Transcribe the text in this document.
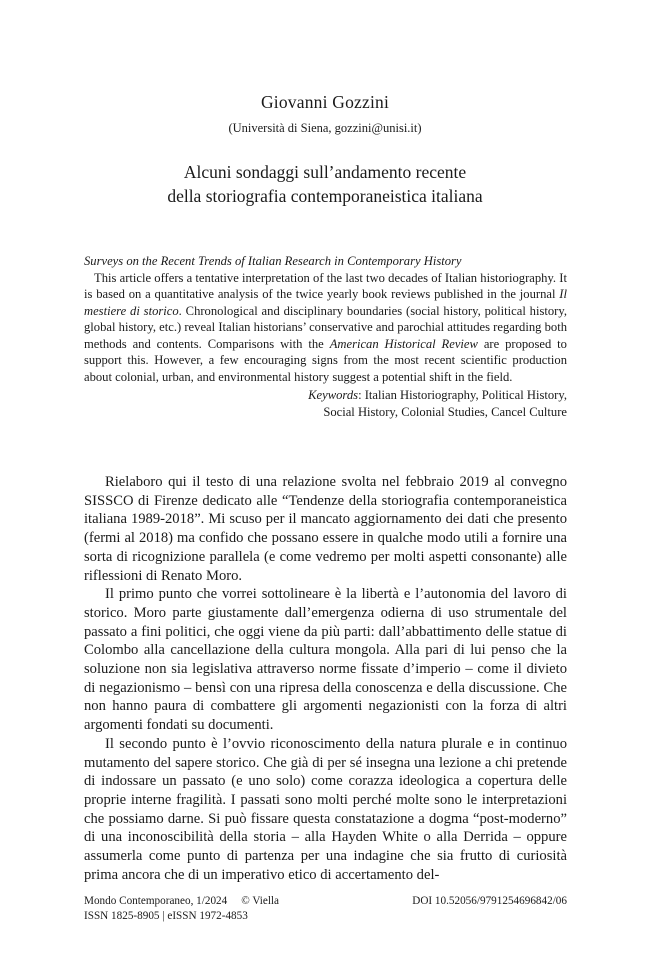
Giovanni Gozzini
(Università di Siena, gozzini@unisi.it)
Alcuni sondaggi sull’andamento recente
della storiografia contemporaneistica italiana
Surveys on the Recent Trends of Italian Research in Contemporary History
This article offers a tentative interpretation of the last two decades of Italian historiography. It is based on a quantitative analysis of the twice yearly book reviews published in the journal Il mestiere di storico. Chronological and disciplinary boundaries (social history, political history, global history, etc.) reveal Italian historians’ conservative and parochial attitudes regarding both methods and contents. Comparisons with the American Historical Review are proposed to support this. However, a few encouraging signs from the most recent scientific production about colonial, urban, and environmental history suggest a potential shift in the field.
Keywords: Italian Historiography, Political History,
Social History, Colonial Studies, Cancel Culture

Rielaboro qui il testo di una relazione svolta nel febbraio 2019 al convegno SISSCO di Firenze dedicato alle “Tendenze della storiografia contemporaneistica italiana 1989-2018”. Mi scuso per il mancato aggiornamento dei dati che presento (fermi al 2018) ma confido che possano essere in qualche modo utili a fornire una sorta di ricognizione parallela (e come vedremo per molti aspetti consonante) alle riflessioni di Renato Moro.

Il primo punto che vorrei sottolineare è la libertà e l’autonomia del lavoro di storico. Moro parte giustamente dall’emergenza odierna di uso strumentale del passato a fini politici, che oggi viene da più parti: dall’abbattimento delle statue di Colombo alla cancellazione della cultura mongola. Alla pari di lui penso che la soluzione non sia legislativa attraverso norme fissate d’imperio – come il divieto di negazionismo – bensì con una ripresa della conoscenza e della discussione. Che non hanno paura di combattere gli argomenti negazionisti con la forza di altri argomenti fondati su documenti.

Il secondo punto è l’ovvio riconoscimento della natura plurale e in continuo mutamento del sapere storico. Che già di per sé insegna una lezione a chi pretende di indossare un passato (e uno solo) come corazza ideologica a copertura delle proprie interne fragilità. I passati sono molti perché molte sono le interpretazioni che possiamo darne. Si può fissare questa constatazione a dogma “post-moderno” di una inconoscibilità della storia – alla Hayden White o alla Derrida – oppure assumerla come punto di partenza per una indagine che sia frutto di curiosità prima ancora che di un imperativo etico di accertamento del-

Mondo Contemporaneo, 1/2024 © Viella	DOI 10.52056/9791254696842/06
ISSN 1825-8905 | eISSN 1972-4853
